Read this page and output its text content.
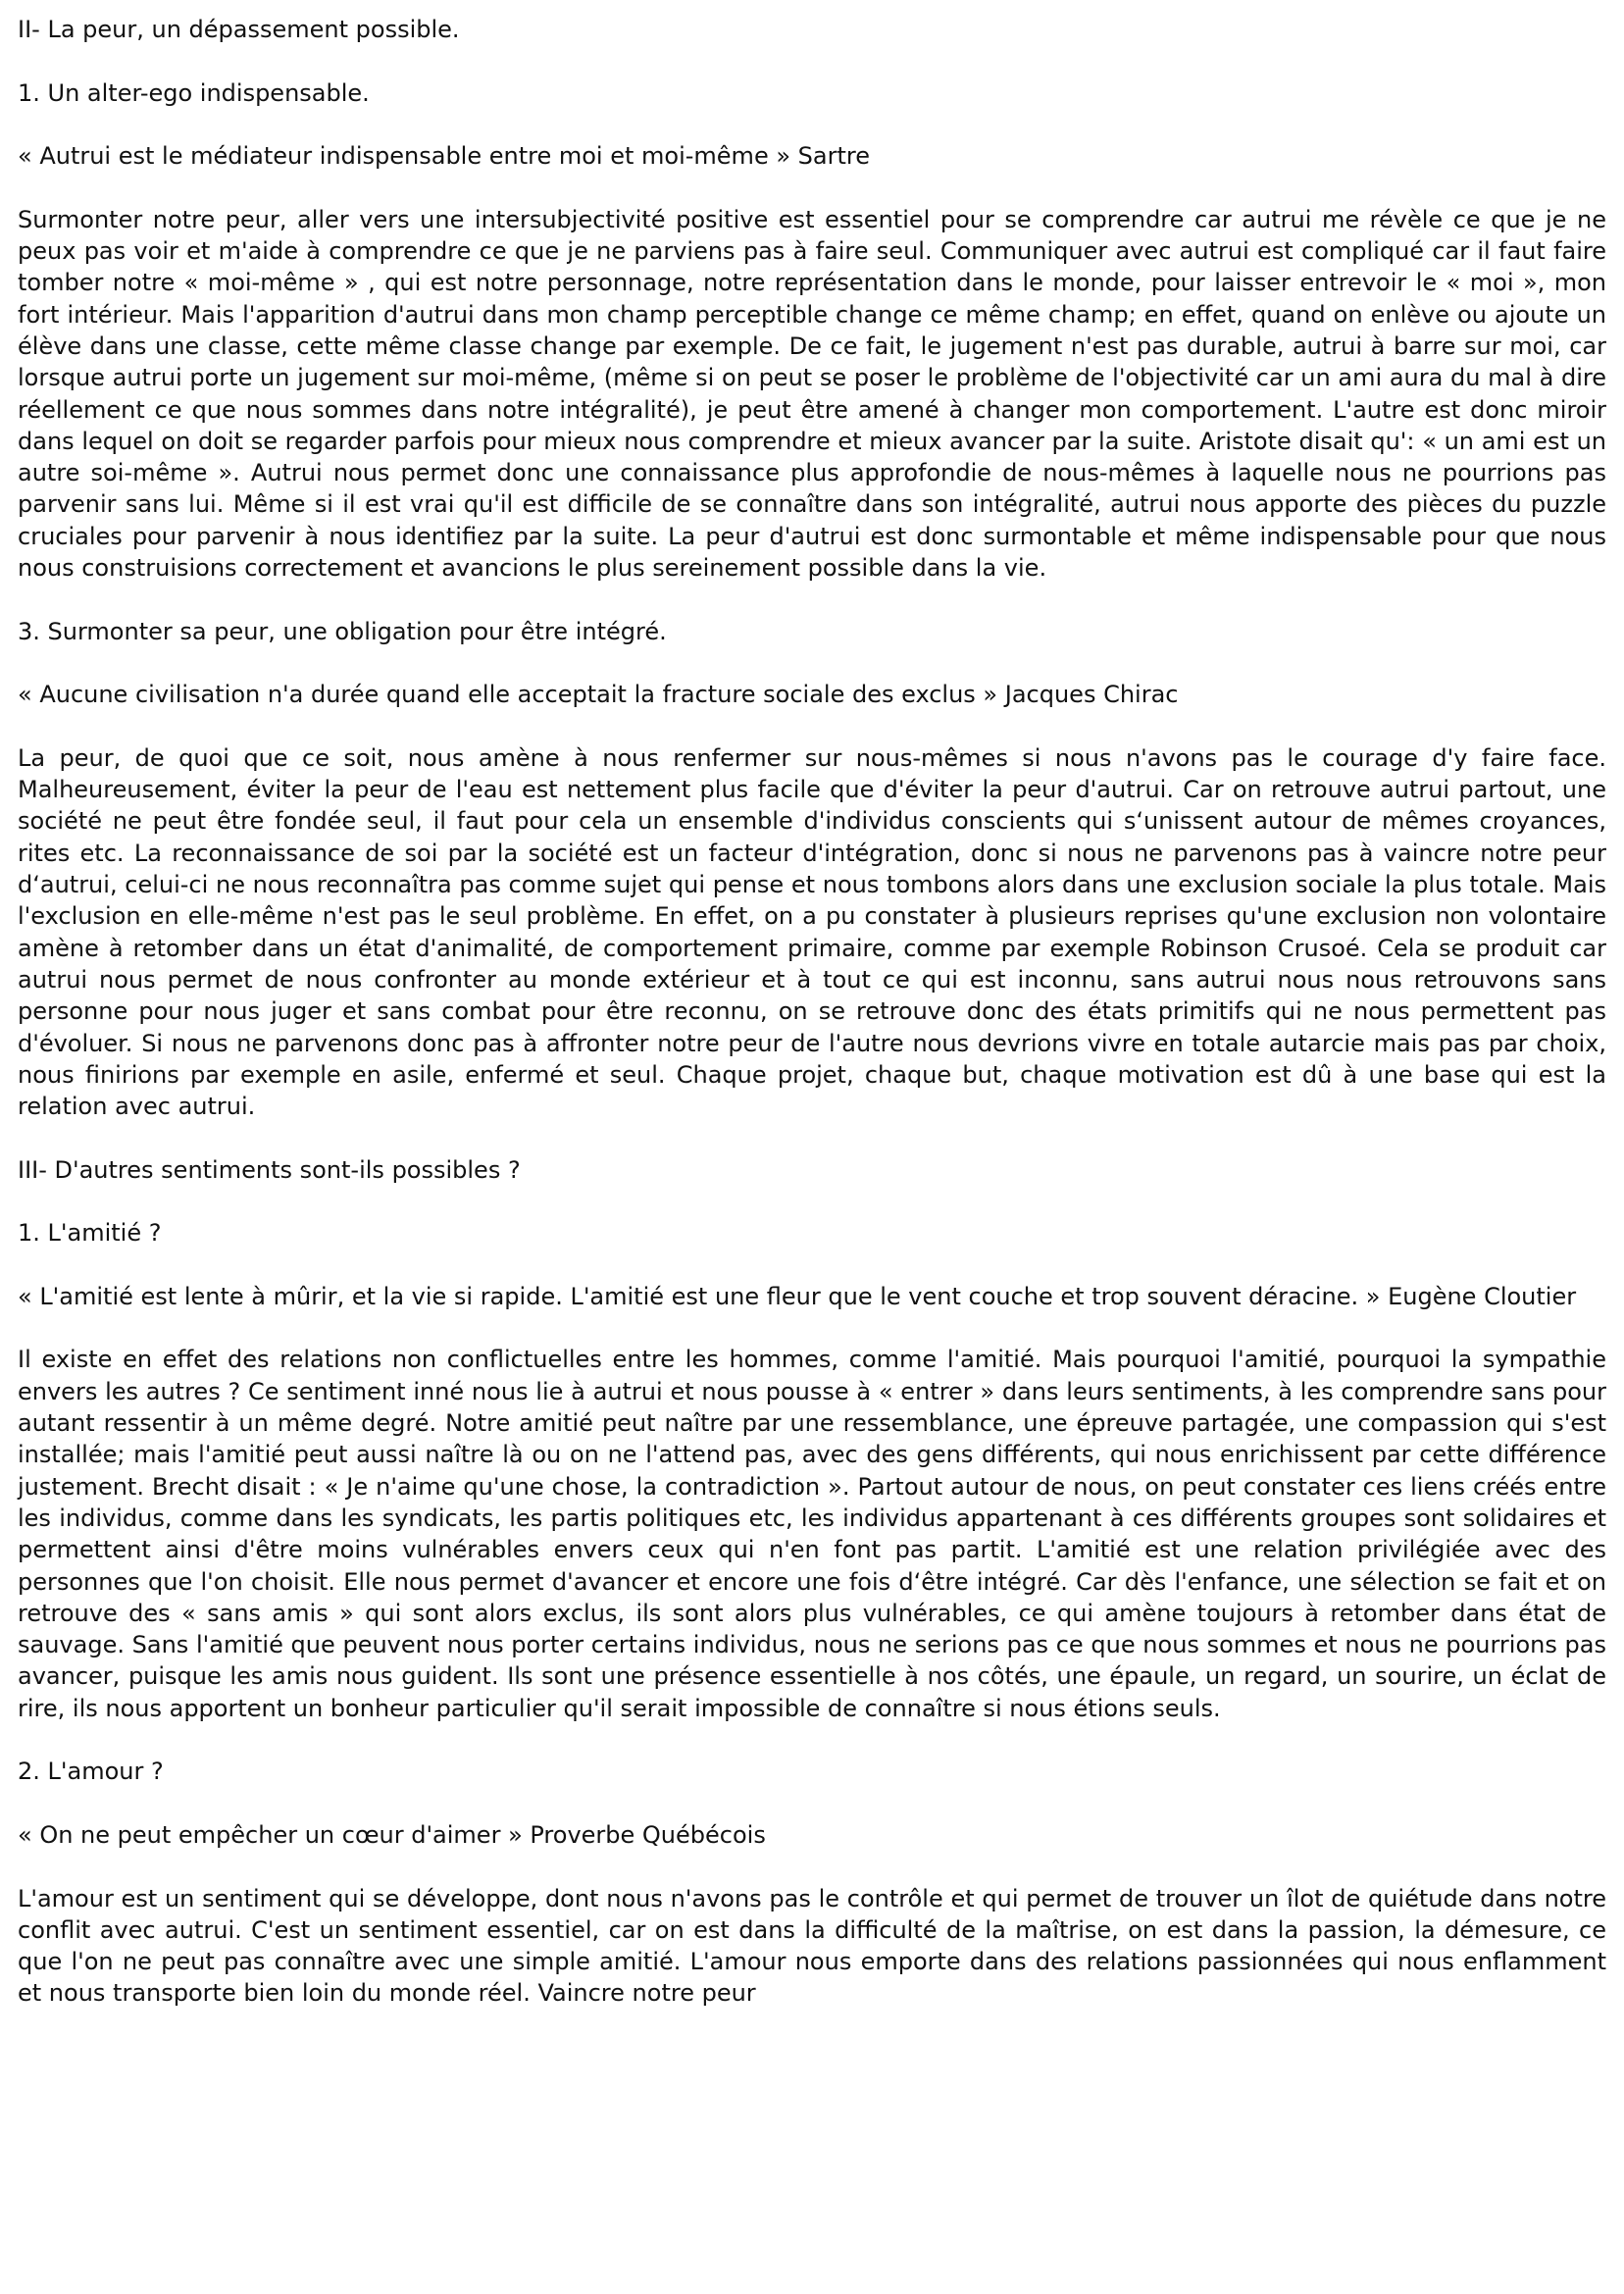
II- La peur, un dépassement possible.

1. Un alter-ego indispensable.

« Autrui est le médiateur indispensable entre moi et moi-même » Sartre

Surmonter notre peur, aller vers une intersubjectivité positive est essentiel pour se comprendre car autrui me révèle ce que je ne peux pas voir et m'aide à comprendre ce que je ne parviens pas à faire seul. Communiquer avec autrui est compliqué car il faut faire tomber notre « moi-même » , qui est notre personnage, notre représentation dans le monde, pour laisser entrevoir le « moi », mon fort intérieur. Mais l'apparition d'autrui dans mon champ perceptible change ce même champ; en effet, quand on enlève ou ajoute un élève dans une classe, cette même classe change par exemple. De ce fait, le jugement n'est pas durable, autrui à barre sur moi, car lorsque autrui porte un jugement sur moi-même, (même si on peut se poser le problème de l'objectivité car un ami aura du mal à dire réellement ce que nous sommes dans notre intégralité), je peut être amené à changer mon comportement. L'autre est donc miroir dans lequel on doit se regarder parfois pour mieux nous comprendre et mieux avancer par la suite. Aristote disait qu': « un ami est un autre soi-même ». Autrui nous permet donc une connaissance plus approfondie de nous-mêmes à laquelle nous ne pourrions pas parvenir sans lui. Même si il est vrai qu'il est difficile de se connaître dans son intégralité, autrui nous apporte des pièces du puzzle cruciales pour parvenir à nous identifiez par la suite. La peur d'autrui est donc surmontable et même indispensable pour que nous nous construisions correctement et avancions le plus sereinement possible dans la vie.

3. Surmonter sa peur, une obligation pour être intégré.

« Aucune civilisation n'a durée quand elle acceptait la fracture sociale des exclus » Jacques Chirac

La peur, de quoi que ce soit, nous amène à nous renfermer sur nous-mêmes si nous n'avons pas le courage d'y faire face. Malheureusement, éviter la peur de l'eau est nettement plus facile que d'éviter la peur d'autrui. Car on retrouve autrui partout, une société ne peut être fondée seul, il faut pour cela un ensemble d'individus conscients qui s‘unissent autour de mêmes croyances, rites etc. La reconnaissance de soi par la société est un facteur d'intégration, donc si nous ne parvenons pas à vaincre notre peur d‘autrui, celui-ci ne nous reconnaîtra pas comme sujet qui pense et nous tombons alors dans une exclusion sociale la plus totale. Mais l'exclusion en elle-même n'est pas le seul problème. En effet, on a pu constater à plusieurs reprises qu'une exclusion non volontaire amène à retomber dans un état d'animalité, de comportement primaire, comme par exemple Robinson Crusoé. Cela se produit car autrui nous permet de nous confronter au monde extérieur et à tout ce qui est inconnu, sans autrui nous nous retrouvons sans personne pour nous juger et sans combat pour être reconnu, on se retrouve donc des états primitifs qui ne nous permettent pas d'évoluer. Si nous ne parvenons donc pas à affronter notre peur de l'autre nous devrions vivre en totale autarcie mais pas par choix, nous finirions par exemple en asile, enfermé et seul. Chaque projet, chaque but, chaque motivation est dû à une base qui est la relation avec autrui.

III- D'autres sentiments sont-ils possibles ?

1. L'amitié ?

« L'amitié est lente à mûrir, et la vie si rapide. L'amitié est une fleur que le vent couche et trop souvent déracine. » Eugène Cloutier

Il existe en effet des relations non conflictuelles entre les hommes, comme l'amitié. Mais pourquoi l'amitié, pourquoi la sympathie envers les autres ? Ce sentiment inné nous lie à autrui et nous pousse à « entrer » dans leurs sentiments, à les comprendre sans pour autant ressentir à un même degré. Notre amitié peut naître par une ressemblance, une épreuve partagée, une compassion qui s'est installée; mais l'amitié peut aussi naître là ou on ne l'attend pas, avec des gens différents, qui nous enrichissent par cette différence justement. Brecht disait : « Je n'aime qu'une chose, la contradiction ». Partout autour de nous, on peut constater ces liens créés entre les individus, comme dans les syndicats, les partis politiques etc, les individus appartenant à ces différents groupes sont solidaires et permettent ainsi d'être moins vulnérables envers ceux qui n'en font pas partit. L'amitié est une relation privilégiée avec des personnes que l'on choisit. Elle nous permet d'avancer et encore une fois d‘être intégré. Car dès l'enfance, une sélection se fait et on retrouve des « sans amis » qui sont alors exclus, ils sont alors plus vulnérables, ce qui amène toujours à retomber dans état de sauvage. Sans l'amitié que peuvent nous porter certains individus, nous ne serions pas ce que nous sommes et nous ne pourrions pas avancer, puisque les amis nous guident. Ils sont une présence essentielle à nos côtés, une épaule, un regard, un sourire, un éclat de rire, ils nous apportent un bonheur particulier qu'il serait impossible de connaître si nous étions seuls.

2. L'amour ?

« On ne peut empêcher un cœur d'aimer » Proverbe Québécois

L'amour est un sentiment qui se développe, dont nous n'avons pas le contrôle et qui permet de trouver un îlot de quiétude dans notre conflit avec autrui. C'est un sentiment essentiel, car on est dans la difficulté de la maîtrise, on est dans la passion, la démesure, ce que l'on ne peut pas connaître avec une simple amitié. L'amour nous emporte dans des relations passionnées qui nous enflamment et nous transporte bien loin du monde réel. Vaincre notre peur
